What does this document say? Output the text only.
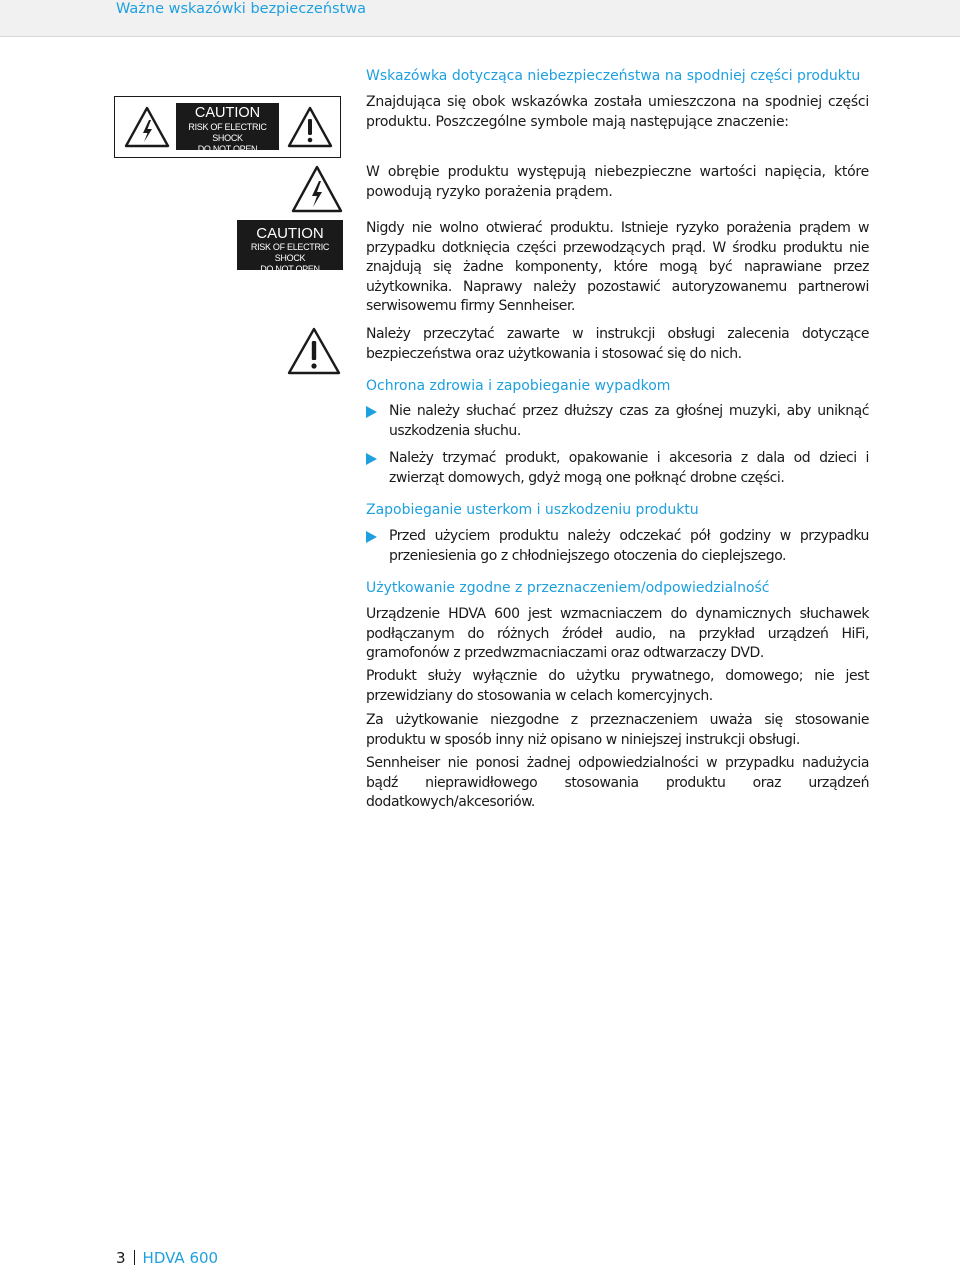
Ważne wskazówki bezpieczeństwa
CAUTION
RISK OF ELECTRIC SHOCK
DO NOT OPEN
CAUTION
RISK OF ELECTRIC SHOCK
DO NOT OPEN

Wskazówka dotycząca niebezpieczeństwa na spodniej części produktu

Znajdująca się obok wskazówka została umieszczona na spodniej części produktu. Poszczególne symbole mają następujące znaczenie:

W obrębie produktu występują niebezpieczne wartości napięcia, które powodują ryzyko porażenia prądem.

Nigdy nie wolno otwierać produktu. Istnieje ryzyko porażenia prądem w przypadku dotknięcia części przewodzących prąd. W środku produktu nie znajdują się żadne komponenty, które mogą być naprawiane przez użytkownika. Naprawy należy pozostawić autoryzowanemu partnerowi serwisowemu firmy Sennheiser.

Należy przeczytać zawarte w instrukcji obsługi zalecenia dotyczące bezpieczeństwa oraz użytkowania i stosować się do nich.

Ochrona zdrowia i zapobieganie wypadkom

Nie należy słuchać przez dłuższy czas za głośnej muzyki, aby uniknąć uszkodzenia słuchu.

Należy trzymać produkt, opakowanie i akcesoria z dala od dzieci i zwierząt domowych, gdyż mogą one połknąć drobne części.

Zapobieganie usterkom i uszkodzeniu produktu

Przed użyciem produktu należy odczekać pół godziny w przypadku przeniesienia go z chłodniejszego otoczenia do cieplejszego.

Użytkowanie zgodne z przeznaczeniem/odpowiedzialność

Urządzenie HDVA 600 jest wzmacniaczem do dynamicznych słuchawek podłączanym do różnych źródeł audio, na przykład urządzeń HiFi, gramofonów z przedwzmacniaczami oraz odtwarzaczy DVD.

Produkt służy wyłącznie do użytku prywatnego, domowego; nie jest przewidziany do stosowania w celach komercyjnych.

Za użytkowanie niezgodne z przeznaczeniem uważa się stosowanie produktu w sposób inny niż opisano w niniejszej instrukcji obsługi.

Sennheiser nie ponosi żadnej odpowiedzialności w przypadku nadużycia bądź nieprawidłowego stosowania produktu oraz urządzeń dodatkowych/akcesoriów.

3 HDVA 600
